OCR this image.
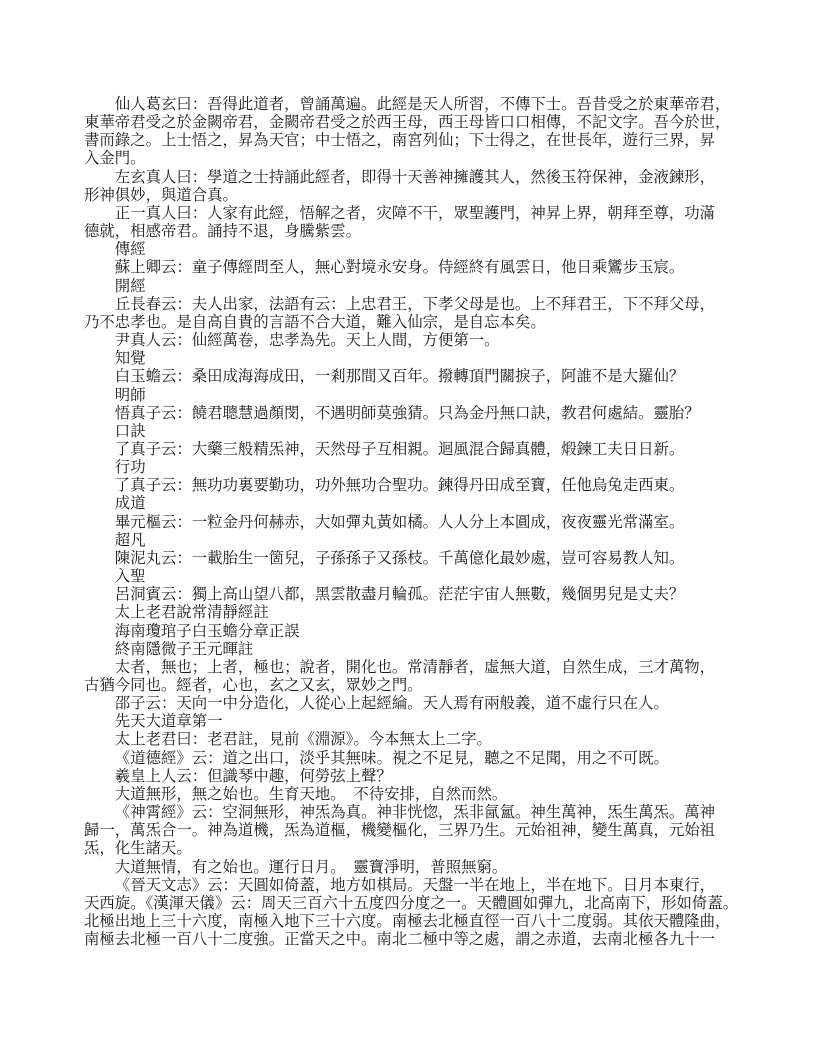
仙人葛玄曰：吾得此道者，曾誦萬遍。此經是天人所習，不傳下士。吾昔受之於東華帝君，
東華帝君受之於金闕帝君，金闕帝君受之於西王母，西王母皆口口相傳，不記文字。吾今於世，
書而錄之。上士悟之，昇為天官；中士悟之，南宮列仙；下士得之，在世長年，遊行三界，昇
入金門。
左玄真人曰：學道之士持誦此經者，即得十天善神擁護其人，然後玉符保神，金液鍊形，
形神俱妙，與道合真。
正一真人曰：人家有此經，悟解之者，灾障不干，眾聖護門，神昇上界，朝拜至尊，功滿
德就，相感帝君。誦持不退，身騰紫雲。
傳經
蘇上卿云：童子傳經問至人，無心對境永安身。侍經終有風雲日，他日乘鸞步玉宸。
開經
丘長春云：夫人出家，法語有云：上忠君王，下孝父母是也。上不拜君王，下不拜父母，
乃不忠孝也。是自高自貴的言語不合大道，難入仙宗，是自忘本矣。
尹真人云：仙經萬卷，忠孝為先。天上人間，方便第一。
知覺
白玉蟾云：桑田成海海成田，一剎那間又百年。撥轉頂門關捩子，阿誰不是大羅仙？
明師
悟真子云：饒君聰慧過顏閔，不遇明師莫強猜。只為金丹無口訣，教君何處結。靈胎？
口訣
了真子云：大藥三般精炁神，天然母子互相親。迴風混合歸真體，煅鍊工夫日日新。
行功
了真子云：無功功裏要勤功，功外無功合聖功。鍊得丹田成至寶，任他烏兔走西東。
成道
畢元樞云：一粒金丹何赫赤，大如彈丸黃如橘。人人分上本圓成，夜夜靈光常滿室。
超凡
陳泥丸云：一載胎生一箇兒，子孫孫子又孫枝。千萬億化最妙處，豈可容易教人知。
入聖
呂洞賓云：獨上高山望八都，黑雲散盡月輪孤。茫茫宇宙人無數，幾個男兒是丈夫？
太上老君說常清靜經註
海南瓊琯子白玉蟾分章正誤
終南隱微子王元暉註
太者，無也；上者，極也；說者，開化也。常清靜者，虛無大道，自然生成，三才萬物，
古猶今同也。經者，心也，玄之又玄，眾妙之門。
邵子云：天向一中分造化，人從心上起經綸。天人焉有兩般義，道不虛行只在人。
先天大道章第一
太上老君曰：老君註，見前《淵源》。今本無太上二字。
《道德經》云：道之出口，淡乎其無味。視之不足見，聽之不足聞，用之不可既。
羲皇上人云：但識琴中趣，何勞弦上聲？
大道無形，無之始也。生育天地。　不待安排，自然而然。
《神霄經》云：空洞無形，神炁為真。神非恍惚，炁非氤氳。神生萬神，炁生萬炁。萬神
歸一，萬炁合一。神為道機，炁為道樞，機變樞化，三界乃生。元始祖神，變生萬真，元始祖
炁，化生諸天。
大道無情，有之始也。運行日月。　靈寶淨明，普照無窮。
《晉天文志》云：天圓如倚蓋，地方如棋局。天盤一半在地上，半在地下。日月本東行，
天西旋。《漢渾天儀》云：周天三百六十五度四分度之一。天體圓如彈九，北高南下，形如倚蓋。
北極出地上三十六度，南極入地下三十六度。南極去北極直徑一百八十二度弱。其依天體隆曲，
南極去北極一百八十二度強。正當天之中。南北二極中等之處，謂之赤道，去南北極各九十一
